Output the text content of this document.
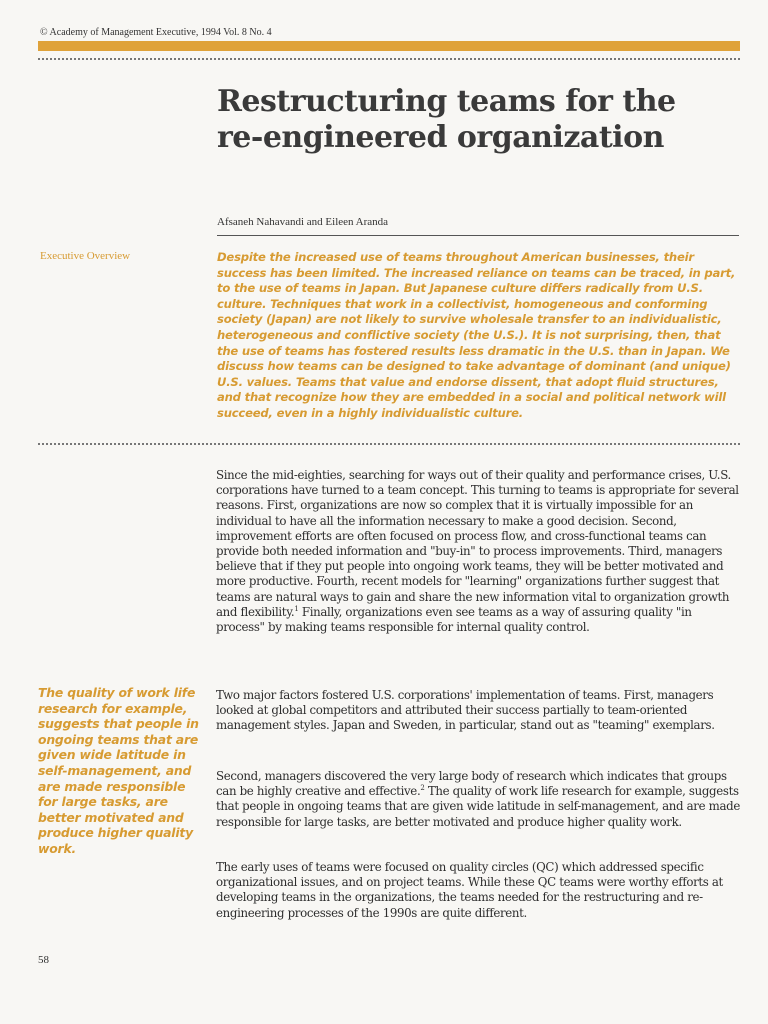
© Academy of Management Executive, 1994 Vol. 8 No. 4
Restructuring teams for the
re-engineered organization
Afsaneh Nahavandi and Eileen Aranda
Executive Overview	Despite the increased use of teams throughout American businesses, their success has been limited. The increased reliance on teams can be traced, in part, to the use of teams in Japan. But Japanese culture differs radically from U.S. culture. Techniques that work in a collectivist, homogeneous and conforming society (Japan) are not likely to survive wholesale transfer to an individualistic, heterogeneous and conflictive society (the U.S.). It is not surprising, then, that the use of teams has fostered results less dramatic in the U.S. than in Japan. We discuss how teams can be designed to take advantage of dominant (and unique) U.S. values. Teams that value and endorse dissent, that adopt fluid structures, and that recognize how they are embedded in a social and political network will succeed, even in a highly individualistic culture.

Since the mid-eighties, searching for ways out of their quality and performance crises, U.S. corporations have turned to a team concept. This turning to teams is appropriate for several reasons. First, organizations are now so complex that it is virtually impossible for an individual to have all the information necessary to make a good decision. Second, improvement efforts are often focused on process flow, and cross-functional teams can provide both needed information and "buy-in" to process improvements. Third, managers believe that if they put people into ongoing work teams, they will be better motivated and more productive. Fourth, recent models for "learning" organizations further suggest that teams are natural ways to gain and share the new information vital to organization growth and flexibility.$^1$ Finally, organizations even see teams as a way of assuring quality "in process" by making teams responsible for internal quality control.

Two major factors fostered U.S. corporations' implementation of teams. First, managers looked at global competitors and attributed their success partially to team-oriented management styles. Japan and Sweden, in particular, stand out as "teaming" exemplars.

Second, managers discovered the very large body of research which indicates that groups can be highly creative and effective.$^2$ The quality of work life research for example, suggests that people in ongoing teams that are given wide latitude in self-management, and are made responsible for large tasks, are better motivated and produce higher quality work.

The early uses of teams were focused on quality circles (QC) which addressed specific organizational issues, and on project teams. While these QC teams were worthy efforts at developing teams in the organizations, the teams needed for the restructuring and re-engineering processes of the 1990s are quite different.

The quality of work life research for example, suggests that people in ongoing teams that are given wide latitude in self-management, and are made responsible for large tasks, are better motivated and produce higher quality work.
58
